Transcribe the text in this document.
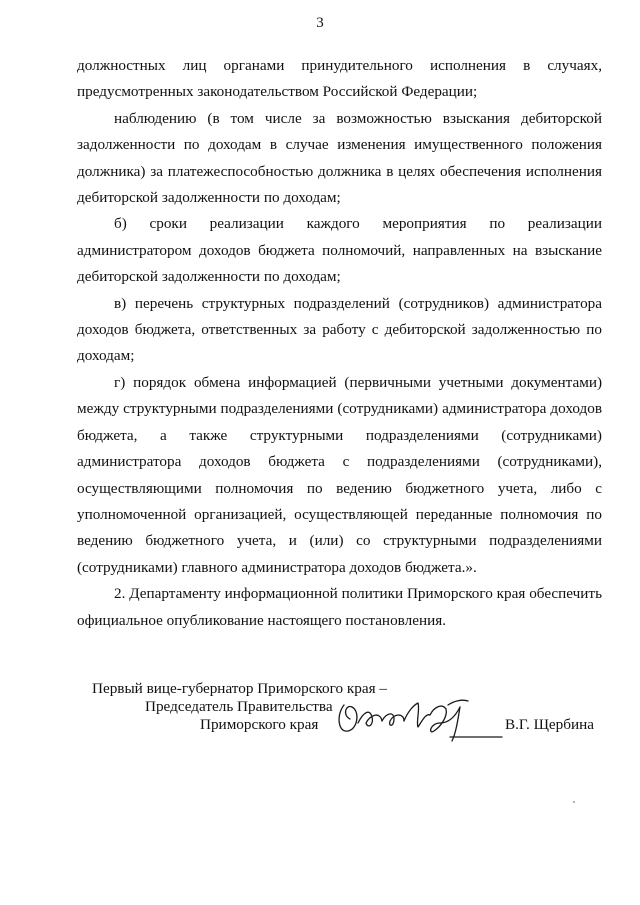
3

должностных лиц органами принудительного исполнения в случаях, предусмотренных законодательством Российской Федерации;

наблюдению (в том числе за возможностью взыскания дебиторской задолженности по доходам в случае изменения имущественного положения должника) за платежеспособностью должника в целях обеспечения исполнения дебиторской задолженности по доходам;

б) сроки реализации каждого мероприятия по реализации администратором доходов бюджета полномочий, направленных на взыскание дебиторской задолженности по доходам;

в) перечень структурных подразделений (сотрудников) администратора доходов бюджета, ответственных за работу с дебиторской задолженностью по доходам;

г) порядок обмена информацией (первичными учетными документами) между структурными подразделениями (сотрудниками) администратора доходов бюджета, а также структурными подразделениями (сотрудниками) администратора доходов бюджета с подразделениями (сотрудниками), осуществляющими полномочия по ведению бюджетного учета, либо с уполномоченной организацией, осуществляющей переданные полномочия по ведению бюджетного учета, и (или) со структурными подразделениями (сотрудниками) главного администратора доходов бюджета.».

2. Департаменту информационной политики Приморского края обеспечить официальное опубликование настоящего постановления.

Первый вице-губернатор Приморского края –
Председатель Правительства
Приморского края	В.Г. Щербина
